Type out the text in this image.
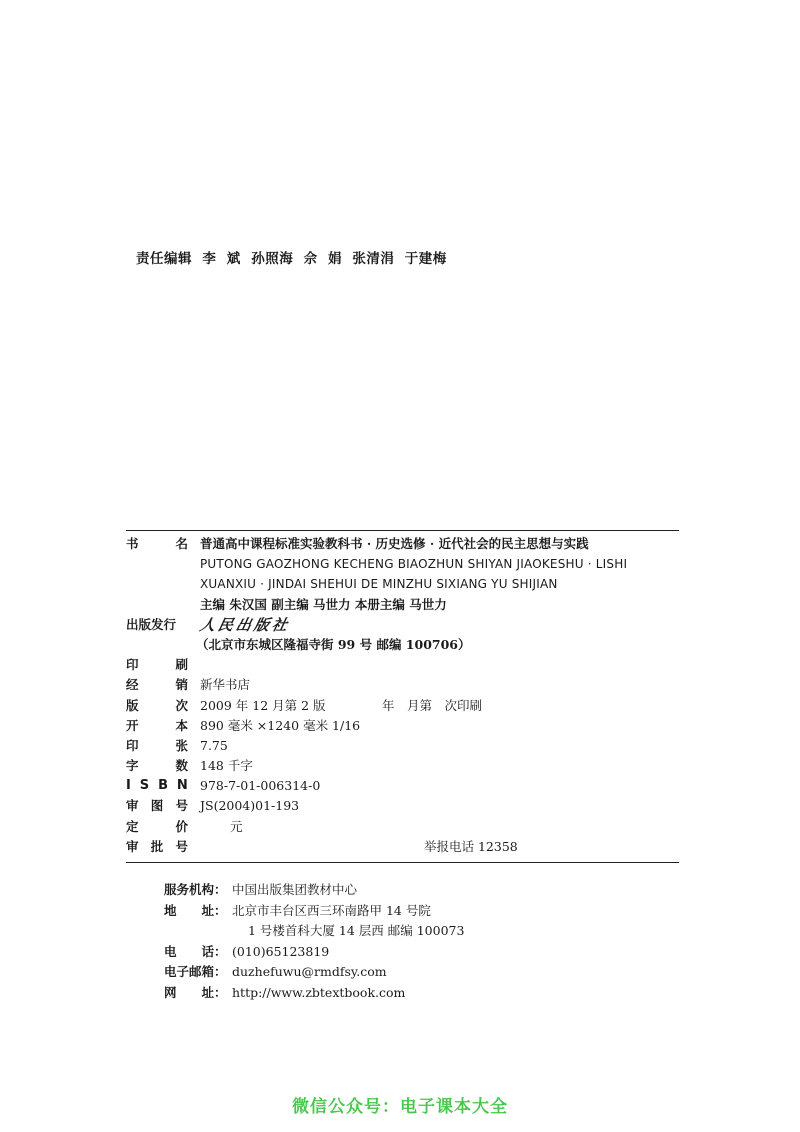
责任编辑  李  斌  孙照海  佘  娟  张清涓  于建梅
书	名 普通高中课程标准实验教科书 · 历史选修 · 近代社会的民主思想与实践
PUTONG GAOZHONG KECHENG BIAOZHUN SHIYAN JIAOKESHU · LISHI
XUANXIU · JINDAI SHEHUI DE MINZHU SIXIANG YU SHIJIAN
主编 朱汉国 副主编 马世力 本册主编 马世力
出版发行	人民出版社
（北京市东城区隆福寺街 99 号 邮编 100706）
印	刷
经	销 新华书店
版	次 2009 年 12 月第 2 版	年　月第　次印刷
开	本 890 毫米 ×1240 毫米 1/16
印	张 7.75
字	数 148 千字
I S B N 978-7-01-006314-0
审 图 号 JS(2004)01-193
定	价	元
审 批 号	举报电话 12358
服务机构： 中国出版集团教材中心
地　　址： 北京市丰台区西三环南路甲 14 号院
1 号楼首科大厦 14 层西 邮编 100073
电　　话： (010)65123819
电子邮箱： duzhefuwu@rmdfsy.com
网　　址： http://www.zbtextbook.com
微信公众号：电子课本大全
